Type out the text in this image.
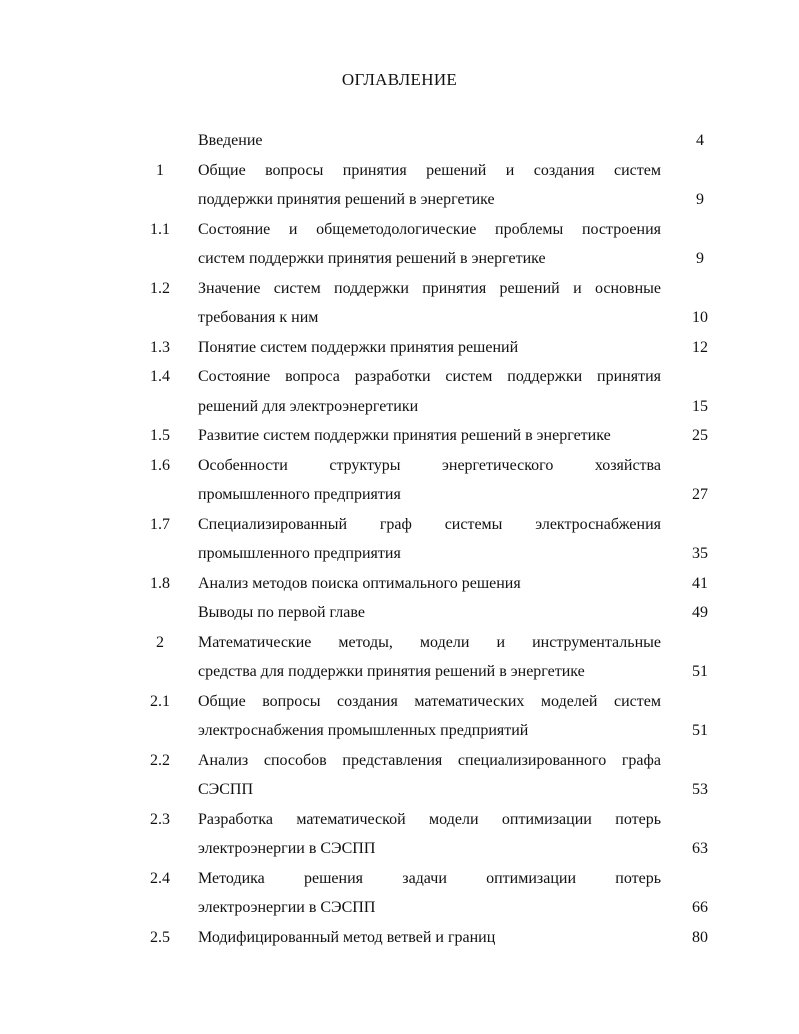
ОГЛАВЛЕНИЕ
Введение	4
1	Общие вопросы принятия решений и создания систем
поддержки принятия решений в энергетике	9
1.1	Состояние и общеметодологические проблемы построения
систем поддержки принятия решений в энергетике	9
1.2	Значение систем поддержки принятия решений и основные
требования к ним	10
1.3	Понятие систем поддержки принятия решений	12
1.4	Состояние вопроса разработки систем поддержки принятия
решений для электроэнергетики	15
1.5	Развитие систем поддержки принятия решений в энергетике	25
1.6	Особенности структуры энергетического хозяйства
промышленного предприятия	27
1.7	Специализированный граф системы электроснабжения
промышленного предприятия	35
1.8	Анализ методов поиска оптимального решения	41
Выводы по первой главе	49
2	Математические методы, модели и инструментальные
средства для поддержки принятия решений в энергетике	51
2.1	Общие вопросы создания математических моделей систем
электроснабжения промышленных предприятий	51
2.2	Анализ способов представления специализированного графа
СЭСПП	53
2.3	Разработка математической модели оптимизации потерь
электроэнергии в СЭСПП	63
2.4	Методика решения задачи оптимизации потерь
электроэнергии в СЭСПП	66
2.5	Модифицированный метод ветвей и границ	80
